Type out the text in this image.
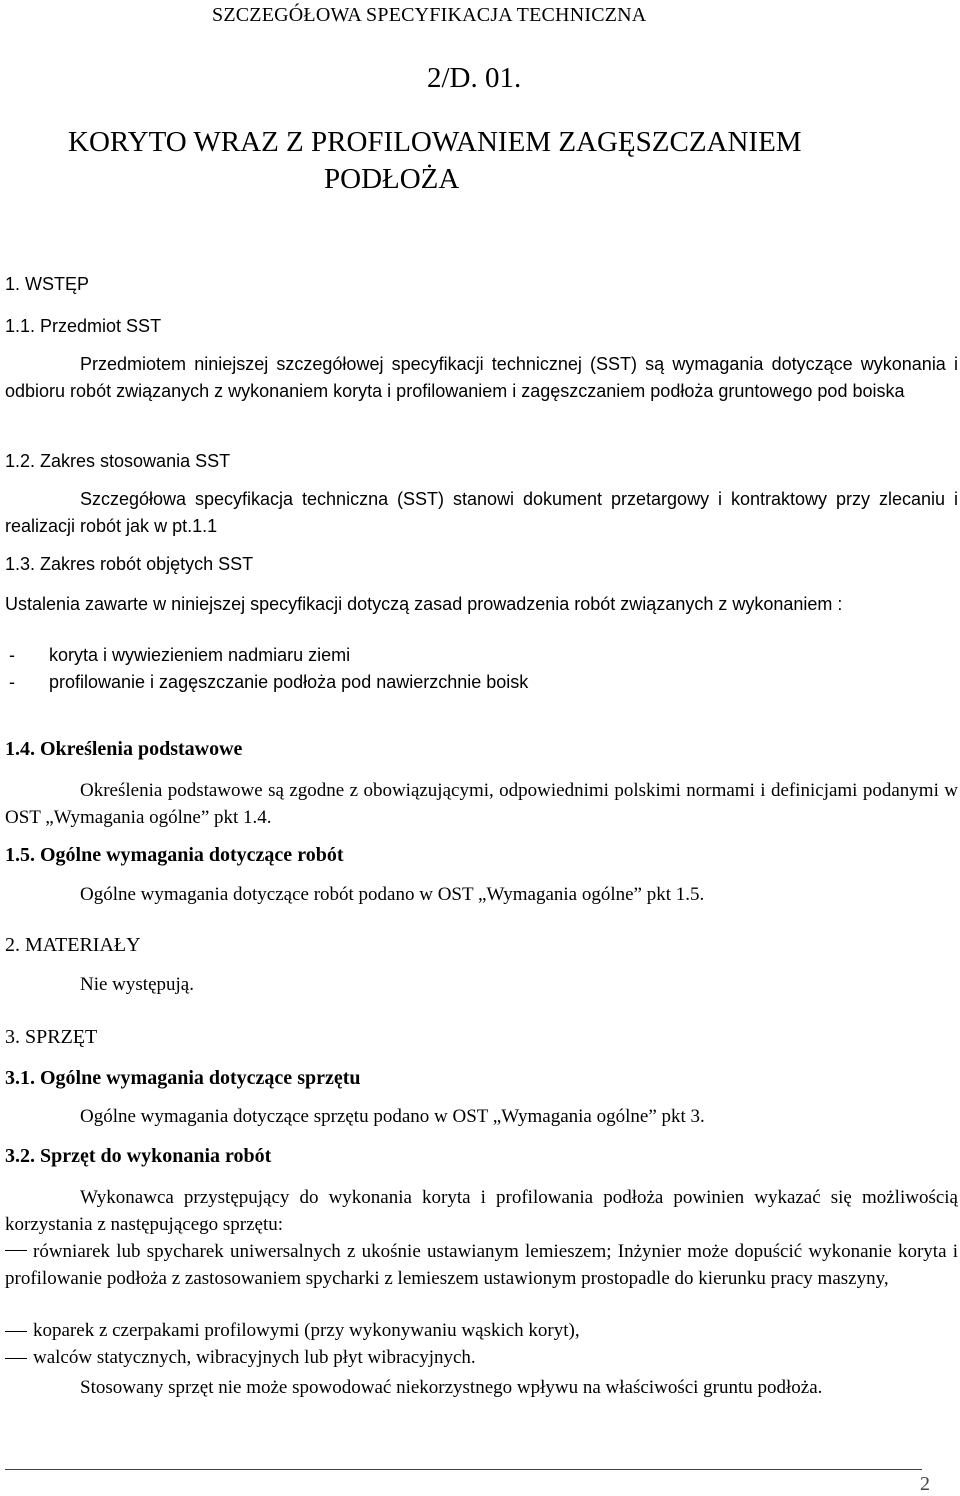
SZCZEGÓŁOWA SPECYFIKACJA TECHNICZNA
2/D. 01.
KORYTO WRAZ Z PROFILOWANIEM ZAGĘSZCZANIEM
PODŁOŻA
1. WSTĘP
1.1. Przedmiot SST
Przedmiotem niniejszej szczegółowej specyfikacji technicznej (SST) są wymagania dotyczące wykonania i odbioru robót związanych z wykonaniem koryta i profilowaniem i zagęszczaniem podłoża gruntowego pod boiska
1.2. Zakres stosowania SST
Szczegółowa specyfikacja techniczna (SST) stanowi dokument przetargowy i kontraktowy przy zlecaniu i realizacji robót jak w pt.1.1
1.3. Zakres robót objętych SST
Ustalenia zawarte w niniejszej specyfikacji dotyczą zasad prowadzenia robót związanych z wykonaniem :
- koryta i wywiezieniem nadmiaru ziemi
- profilowanie i zagęszczanie podłoża pod nawierzchnie boisk
1.4. Określenia podstawowe
Określenia podstawowe są zgodne z obowiązującymi, odpowiednimi polskimi normami i definicjami podanymi w OST „Wymagania ogólne” pkt 1.4.
1.5. Ogólne wymagania dotyczące robót
Ogólne wymagania dotyczące robót podano w OST „Wymagania ogólne” pkt 1.5.
2. MATERIAŁY
Nie występują.
3. SPRZĘT
3.1. Ogólne wymagania dotyczące sprzętu
Ogólne wymagania dotyczące sprzętu podano w OST „Wymagania ogólne” pkt 3.
3.2. Sprzęt do wykonania robót
Wykonawca przystępujący do wykonania koryta i profilowania podłoża powinien wykazać się możliwością korzystania z następującego sprzętu:
równiarek lub spycharek uniwersalnych z ukośnie ustawianym lemieszem; Inżynier może dopuścić wykonanie koryta i profilowanie podłoża z zastosowaniem spycharki z lemieszem ustawionym prostopadle do kierunku pracy maszyny,
koparek z czerpakami profilowymi (przy wykonywaniu wąskich koryt),
walców statycznych, wibracyjnych lub płyt wibracyjnych.
Stosowany sprzęt nie może spowodować niekorzystnego wpływu na właściwości gruntu podłoża.
2
